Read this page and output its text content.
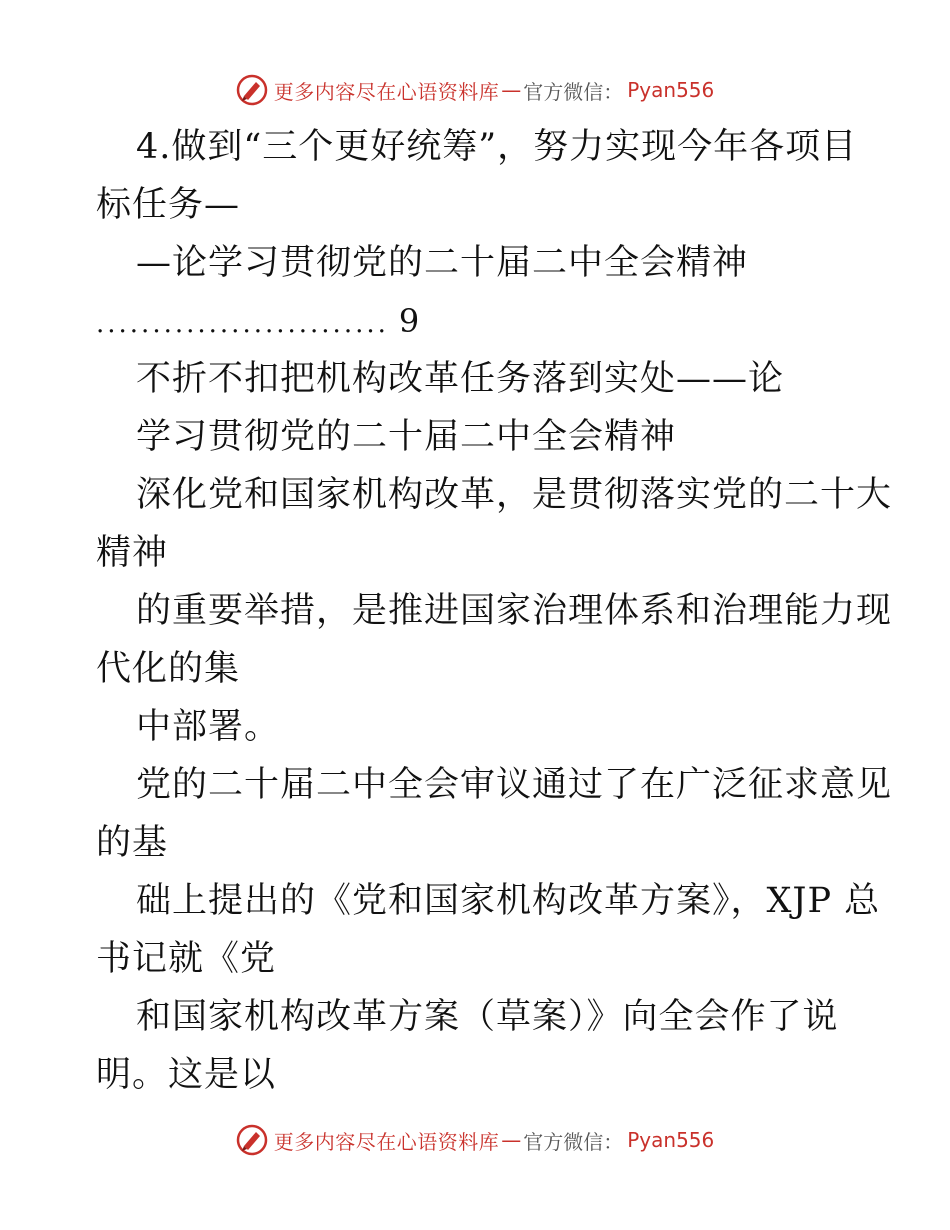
更多内容尽在心语资料库 — 官方微信： Pyan556
4.做到“三个更好统筹”，努力实现今年各项目
标任务—
—论学习贯彻党的二十届二中全会精神
.......................... 9
不折不扣把机构改革任务落到实处——论
学习贯彻党的二十届二中全会精神
深化党和国家机构改革，是贯彻落实党的二十大
精神
的重要举措，是推进国家治理体系和治理能力现
代化的集
中部署。
党的二十届二中全会审议通过了在广泛征求意见
的基
础上提出的《党和国家机构改革方案》，XJP 总
书记就《党
和国家机构改革方案（草案）》向全会作了说
明。这是以
更多内容尽在心语资料库 — 官方微信： Pyan556
